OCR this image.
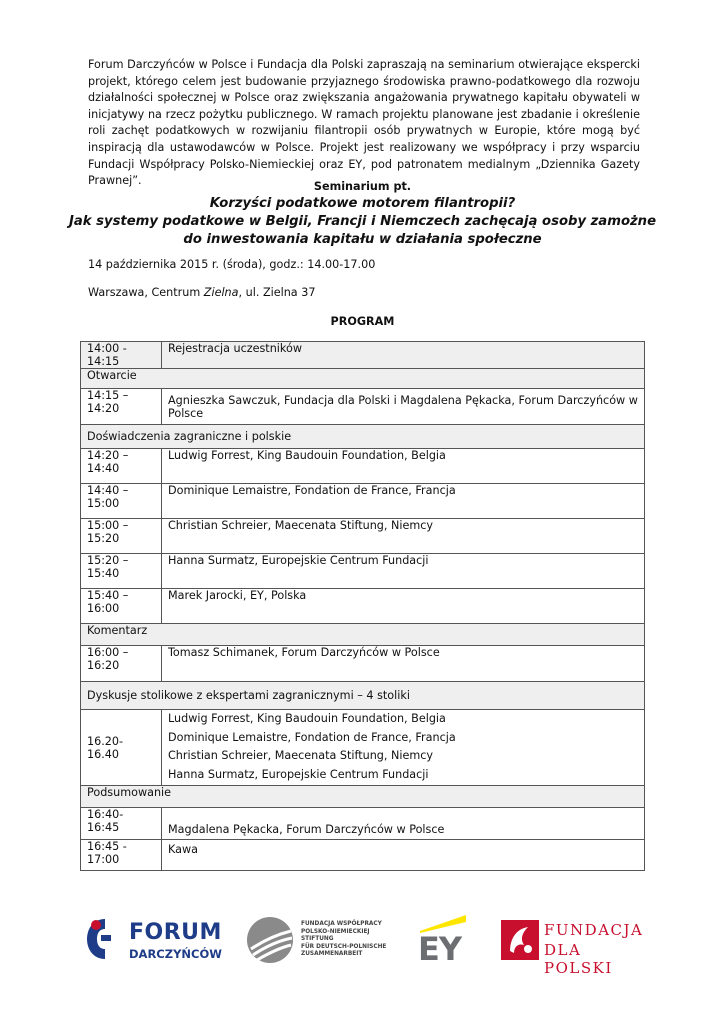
Forum Darczyńców w Polsce i Fundacja dla Polski zapraszają na seminarium otwierające ekspercki projekt, którego celem jest budowanie przyjaznego środowiska prawno-podatkowego dla rozwoju działalności społecznej w Polsce oraz zwiększania angażowania prywatnego kapitału obywateli w inicjatywy na rzecz pożytku publicznego. W ramach projektu planowane jest zbadanie i określenie roli zachęt podatkowych w rozwijaniu filantropii osób prywatnych w Europie, które mogą być inspiracją dla ustawodawców w Polsce. Projekt jest realizowany we współpracy i przy wsparciu Fundacji Współpracy Polsko-Niemieckiej oraz EY, pod patronatem medialnym „Dziennika Gazety Prawnej”.	Seminarium pt.
Korzyści podatkowe motorem filantropii?
Jak systemy podatkowe w Belgii, Francji i Niemczech zachęcają osoby zamożne
do inwestowania kapitału w działania społeczne
14 października 2015 r. (środa), godz.: 14.00-17.00
Warszawa, Centrum Zielna, ul. Zielna 37
PROGRAM
14:00 - 14:15	Rejestracja uczestników
Otwarcie	
14:15 – 14:20	Agnieszka Sawczuk, Fundacja dla Polski i Magdalena Pękacka, Forum Darczyńców w Polsce
Doświadczenia zagraniczne i polskie	
14:20 – 14:40	Ludwig Forrest, King Baudouin Foundation, Belgia
14:40 – 15:00	Dominique Lemaistre, Fondation de France, Francja
15:00 – 15:20	Christian Schreier, Maecenata Stiftung, Niemcy
15:20 – 15:40	Hanna Surmatz, Europejskie Centrum Fundacji
15:40 – 16:00	Marek Jarocki, EY, Polska
Komentarz	
16:00 – 16:20	Tomasz Schimanek, Forum Darczyńców w Polsce
Dyskusje stolikowe z ekspertami zagranicznymi – 4 stoliki	
16.20-16.40	Ludwig Forrest, King Baudouin Foundation, Belgia
Dominique Lemaistre, Fondation de France, Francja
Christian Schreier, Maecenata Stiftung, Niemcy
Hanna Surmatz, Europejskie Centrum Fundacji

Podsumowanie	
16:40-16:45	Magdalena Pękacka, Forum Darczyńców w Polsce
16:45 - 17:00	Kawa
FORUM
DARCZYŃCÓW
FUNDACJA WSPÓŁPRACY
POLSKO-NIEMIECKIEJ
STIFTUNG
FÜR DEUTSCH-POLNISCHE
ZUSAMMENARBEIT	EY	FUNDACJA
DLA POLSKI
